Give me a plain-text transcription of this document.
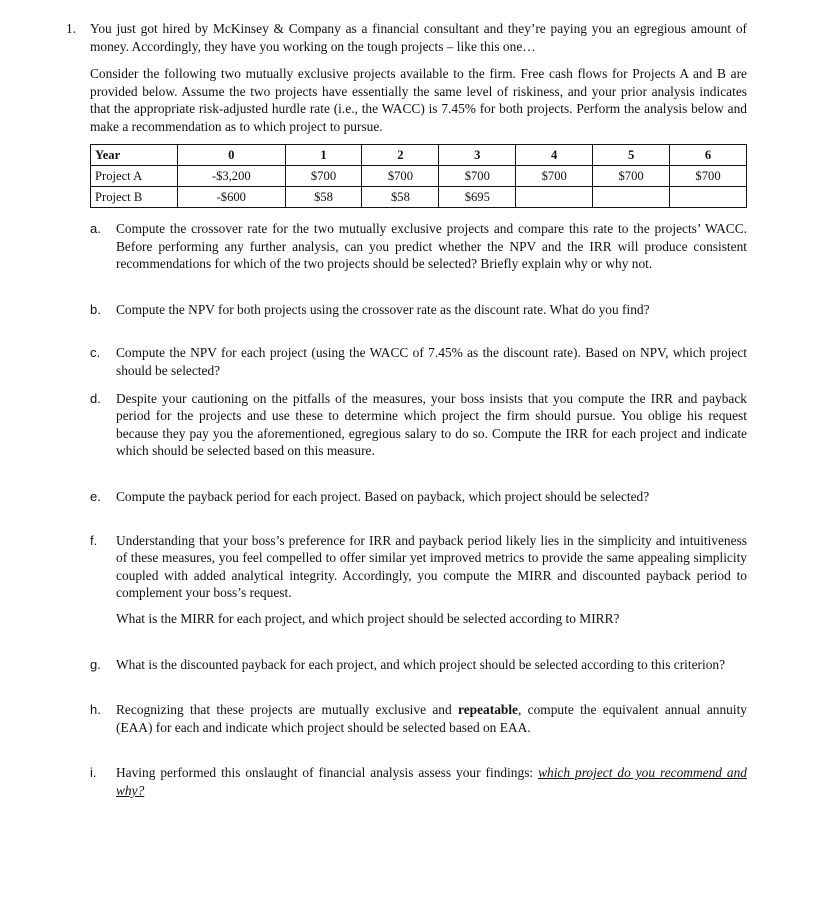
1. You just got hired by McKinsey & Company as a financial consultant and they’re paying you an egregious amount of money. Accordingly, they have you working on the tough projects – like this one…

Consider the following two mutually exclusive projects available to the firm. Free cash flows for Projects A and B are provided below. Assume the two projects have essentially the same level of riskiness, and your prior analysis indicates that the appropriate risk-adjusted hurdle rate (i.e., the WACC) is 7.45% for both projects. Perform the analysis below and make a recommendation as to which project to pursue.

Year	0	1	2	3	4	5	6
Project A	-$3,200	$700	$700	$700	$700	$700	$700
Project B	-$600	$58	$58	$695			
a. Compute the crossover rate for the two mutually exclusive projects and compare this rate to the projects’ WACC. Before performing any further analysis, can you predict whether the NPV and the IRR will produce consistent recommendations for which of the two projects should be selected? Briefly explain why or why not.

b. Compute the NPV for both projects using the crossover rate as the discount rate. What do you find?

c. Compute the NPV for each project (using the WACC of 7.45% as the discount rate). Based on NPV, which project should be selected?

d. Despite your cautioning on the pitfalls of the measures, your boss insists that you compute the IRR and payback period for the projects and use these to determine which project the firm should pursue. You oblige his request because they pay you the aforementioned, egregious salary to do so. Compute the IRR for each project and indicate which should be selected based on this measure.

e. Compute the payback period for each project. Based on payback, which project should be selected?

f. Understanding that your boss’s preference for IRR and payback period likely lies in the simplicity and intuitiveness of these measures, you feel compelled to offer similar yet improved metrics to provide the same appealing simplicity coupled with added analytical integrity. Accordingly, you compute the MIRR and discounted payback period to complement your boss’s request.

What is the MIRR for each project, and which project should be selected according to MIRR?

g. What is the discounted payback for each project, and which project should be selected according to this criterion?

h. Recognizing that these projects are mutually exclusive and repeatable, compute the equivalent annual annuity (EAA) for each and indicate which project should be selected based on EAA.

i. Having performed this onslaught of financial analysis assess your findings: which project do you recommend and why?
